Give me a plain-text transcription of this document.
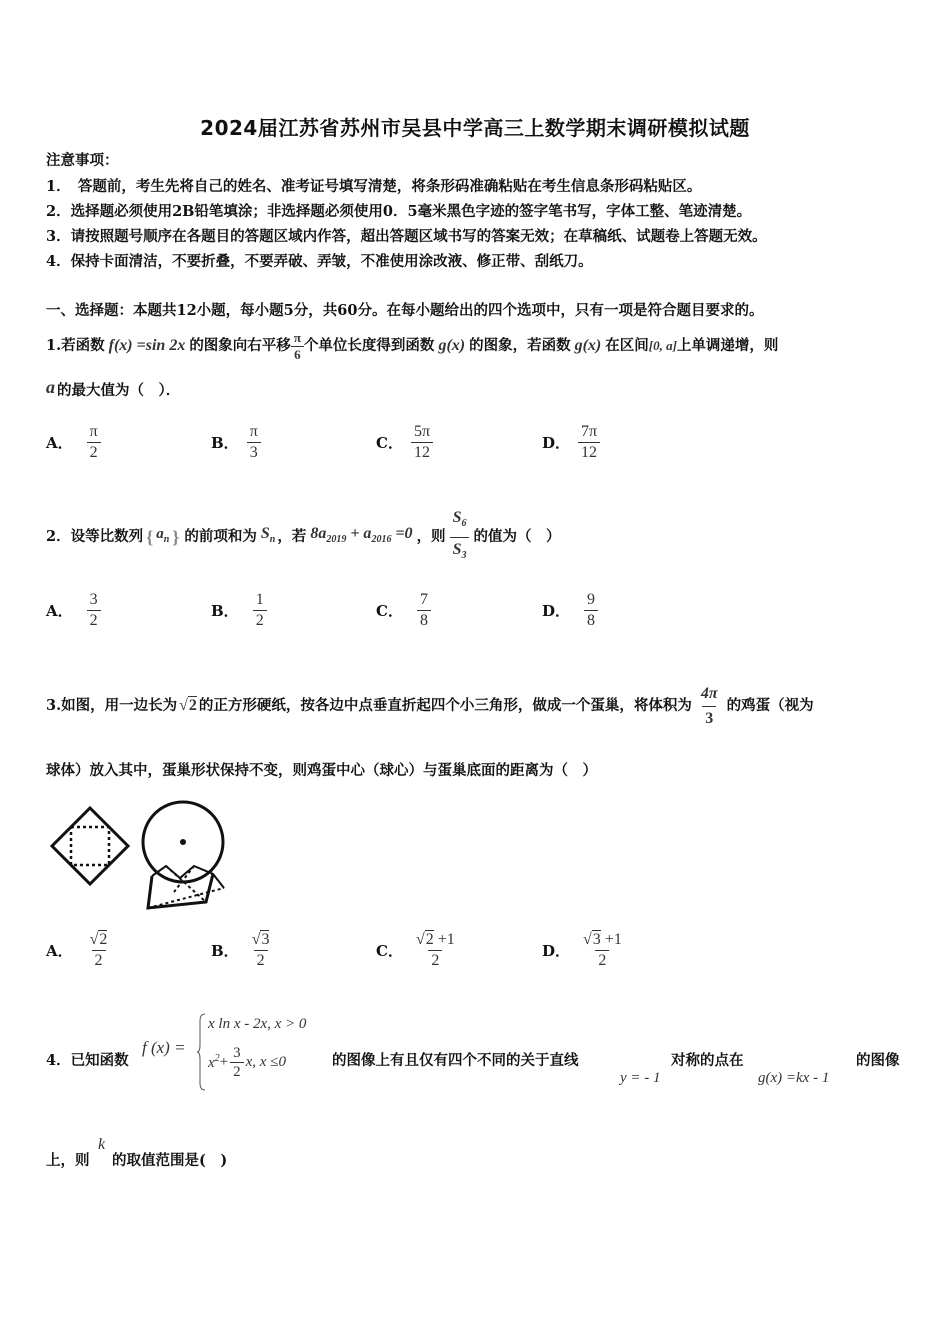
2024届江苏省苏州市吴县中学高三上数学期末调研模拟试题
注意事项：
1．　答题前，考生先将自己的姓名、准考证号填写清楚，将条形码准确粘贴在考生信息条形码粘贴区。
2．选择题必须使用2B铅笔填涂；非选择题必须使用0．5毫米黑色字迹的签字笔书写，字体工整、笔迹清楚。
3．请按照题号顺序在各题目的答题区域内作答，超出答题区域书写的答案无效；在草稿纸、试题卷上答题无效。
4．保持卡面清洁，不要折叠，不要弄破、弄皱，不准使用涂改液、修正带、刮纸刀。
一、选择题：本题共12小题，每小题5分，共60分。在每小题给出的四个选项中，只有一项是符合题目要求的。
1.若函数 f(x) =sin 2x 的图象向右平移 $\frac{\pi}{6}$ 个单位长度得到函数 g(x) 的图象，若函数 g(x) 在区间 [0, a] 上单调递增，则
a 的最大值为（　）．
A． $\frac{\pi}{2}$	B． $\frac{\pi}{3}$	C． $\frac{5\pi}{12}$	D． $\frac{7\pi}{12}$
2．设等比数列 { $a_n$ } 的前项和为 $S_n$ ，若 $8a_{2019} + a_{2016} =0$ ，则 $\frac{S_6}{S_3}$ 的值为（　）
A． $\frac{3}{2}$	B． $\frac{1}{2}$	C． $\frac{7}{8}$	D． $\frac{9}{8}$
3.如图，用一边长为 √2 的正方形硬纸，按各边中点垂直折起四个小三角形，做成一个蛋巢，将体积为 $\frac{4\pi}{3}$ 的鸡蛋（视为
球体）放入其中，蛋巢形状保持不变，则鸡蛋中心（球心）与蛋巢底面的距离为（　）
A． $\frac{√2}{2}$	B． $\frac{√3}{2}$	C． $\frac{√2 +1}{2}$	D． $\frac{√3 +1}{2}$
4．已知函数
f (x) =
x ln x - 2x, x > 0
$x^2 + \frac{3}{2} x$, x ≤0	的图像上有且仅有四个不同的关于直线
y = - 1
对称的点在
g(x) =kx - 1
的图像
上，则
k
的取值范围是(　)
